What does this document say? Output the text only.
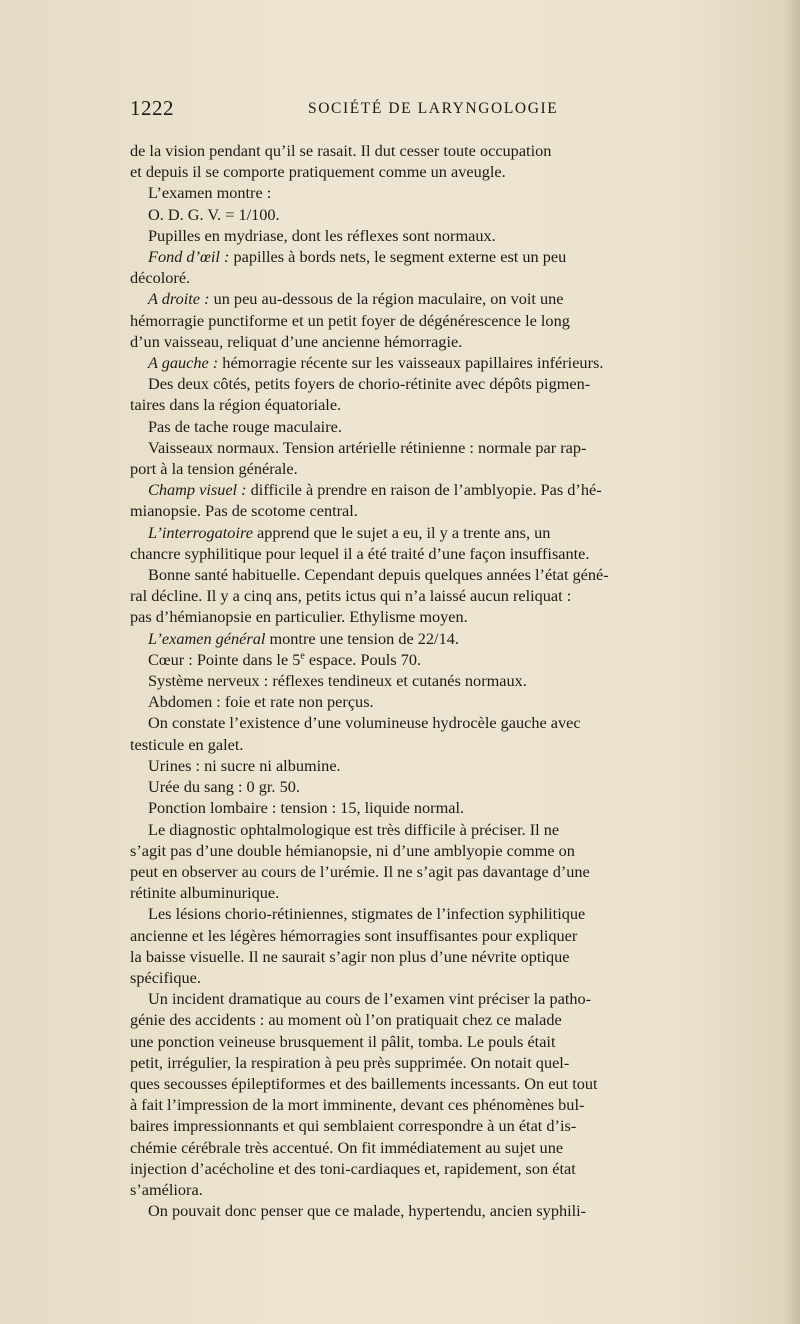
1222	SOCIÉTÉ DE LARYNGOLOGIE
de la vision pendant qu’il se rasait. Il dut cesser toute occupation
et depuis il se comporte pratiquement comme un aveugle.
L’examen montre :
O. D. G. V. = 1/100.
Pupilles en mydriase, dont les réflexes sont normaux.
Fond d’œil : papilles à bords nets, le segment externe est un peu
décoloré.
A droite : un peu au-dessous de la région maculaire, on voit une
hémorragie punctiforme et un petit foyer de dégénérescence le long
d’un vaisseau, reliquat d’une ancienne hémorragie.
A gauche : hémorragie récente sur les vaisseaux papillaires inférieurs.
Des deux côtés, petits foyers de chorio-rétinite avec dépôts pigmen-
taires dans la région équatoriale.
Pas de tache rouge maculaire.
Vaisseaux normaux. Tension artérielle rétinienne : normale par rap-
port à la tension générale.
Champ visuel : difficile à prendre en raison de l’amblyopie. Pas d’hé-
mianopsie. Pas de scotome central.
L’interrogatoire apprend que le sujet a eu, il y a trente ans, un
chancre syphilitique pour lequel il a été traité d’une façon insuffisante.
Bonne santé habituelle. Cependant depuis quelques années l’état géné-
ral décline. Il y a cinq ans, petits ictus qui n’a laissé aucun reliquat :
pas d’hémianopsie en particulier. Ethylisme moyen.
L’examen général montre une tension de 22/14.
Cœur : Pointe dans le 5e espace. Pouls 70.
Système nerveux : réflexes tendineux et cutanés normaux.
Abdomen : foie et rate non perçus.
On constate l’existence d’une volumineuse hydrocèle gauche avec
testicule en galet.
Urines : ni sucre ni albumine.
Urée du sang : 0 gr. 50.
Ponction lombaire : tension : 15, liquide normal.
Le diagnostic ophtalmologique est très difficile à préciser. Il ne
s’agit pas d’une double hémianopsie, ni d’une amblyopie comme on
peut en observer au cours de l’urémie. Il ne s’agit pas davantage d’une
rétinite albuminurique.
Les lésions chorio-rétiniennes, stigmates de l’infection syphilitique
ancienne et les légères hémorragies sont insuffisantes pour expliquer
la baisse visuelle. Il ne saurait s’agir non plus d’une névrite optique
spécifique.
Un incident dramatique au cours de l’examen vint préciser la patho-
génie des accidents : au moment où l’on pratiquait chez ce malade
une ponction veineuse brusquement il pâlit, tomba. Le pouls était
petit, irrégulier, la respiration à peu près supprimée. On notait quel-
ques secousses épileptiformes et des baillements incessants. On eut tout
à fait l’impression de la mort imminente, devant ces phénomènes bul-
baires impressionnants et qui semblaient correspondre à un état d’is-
chémie cérébrale très accentué. On fit immédiatement au sujet une
injection d’acécholine et des toni-cardiaques et, rapidement, son état
s’améliora.
On pouvait donc penser que ce malade, hypertendu, ancien syphili-
